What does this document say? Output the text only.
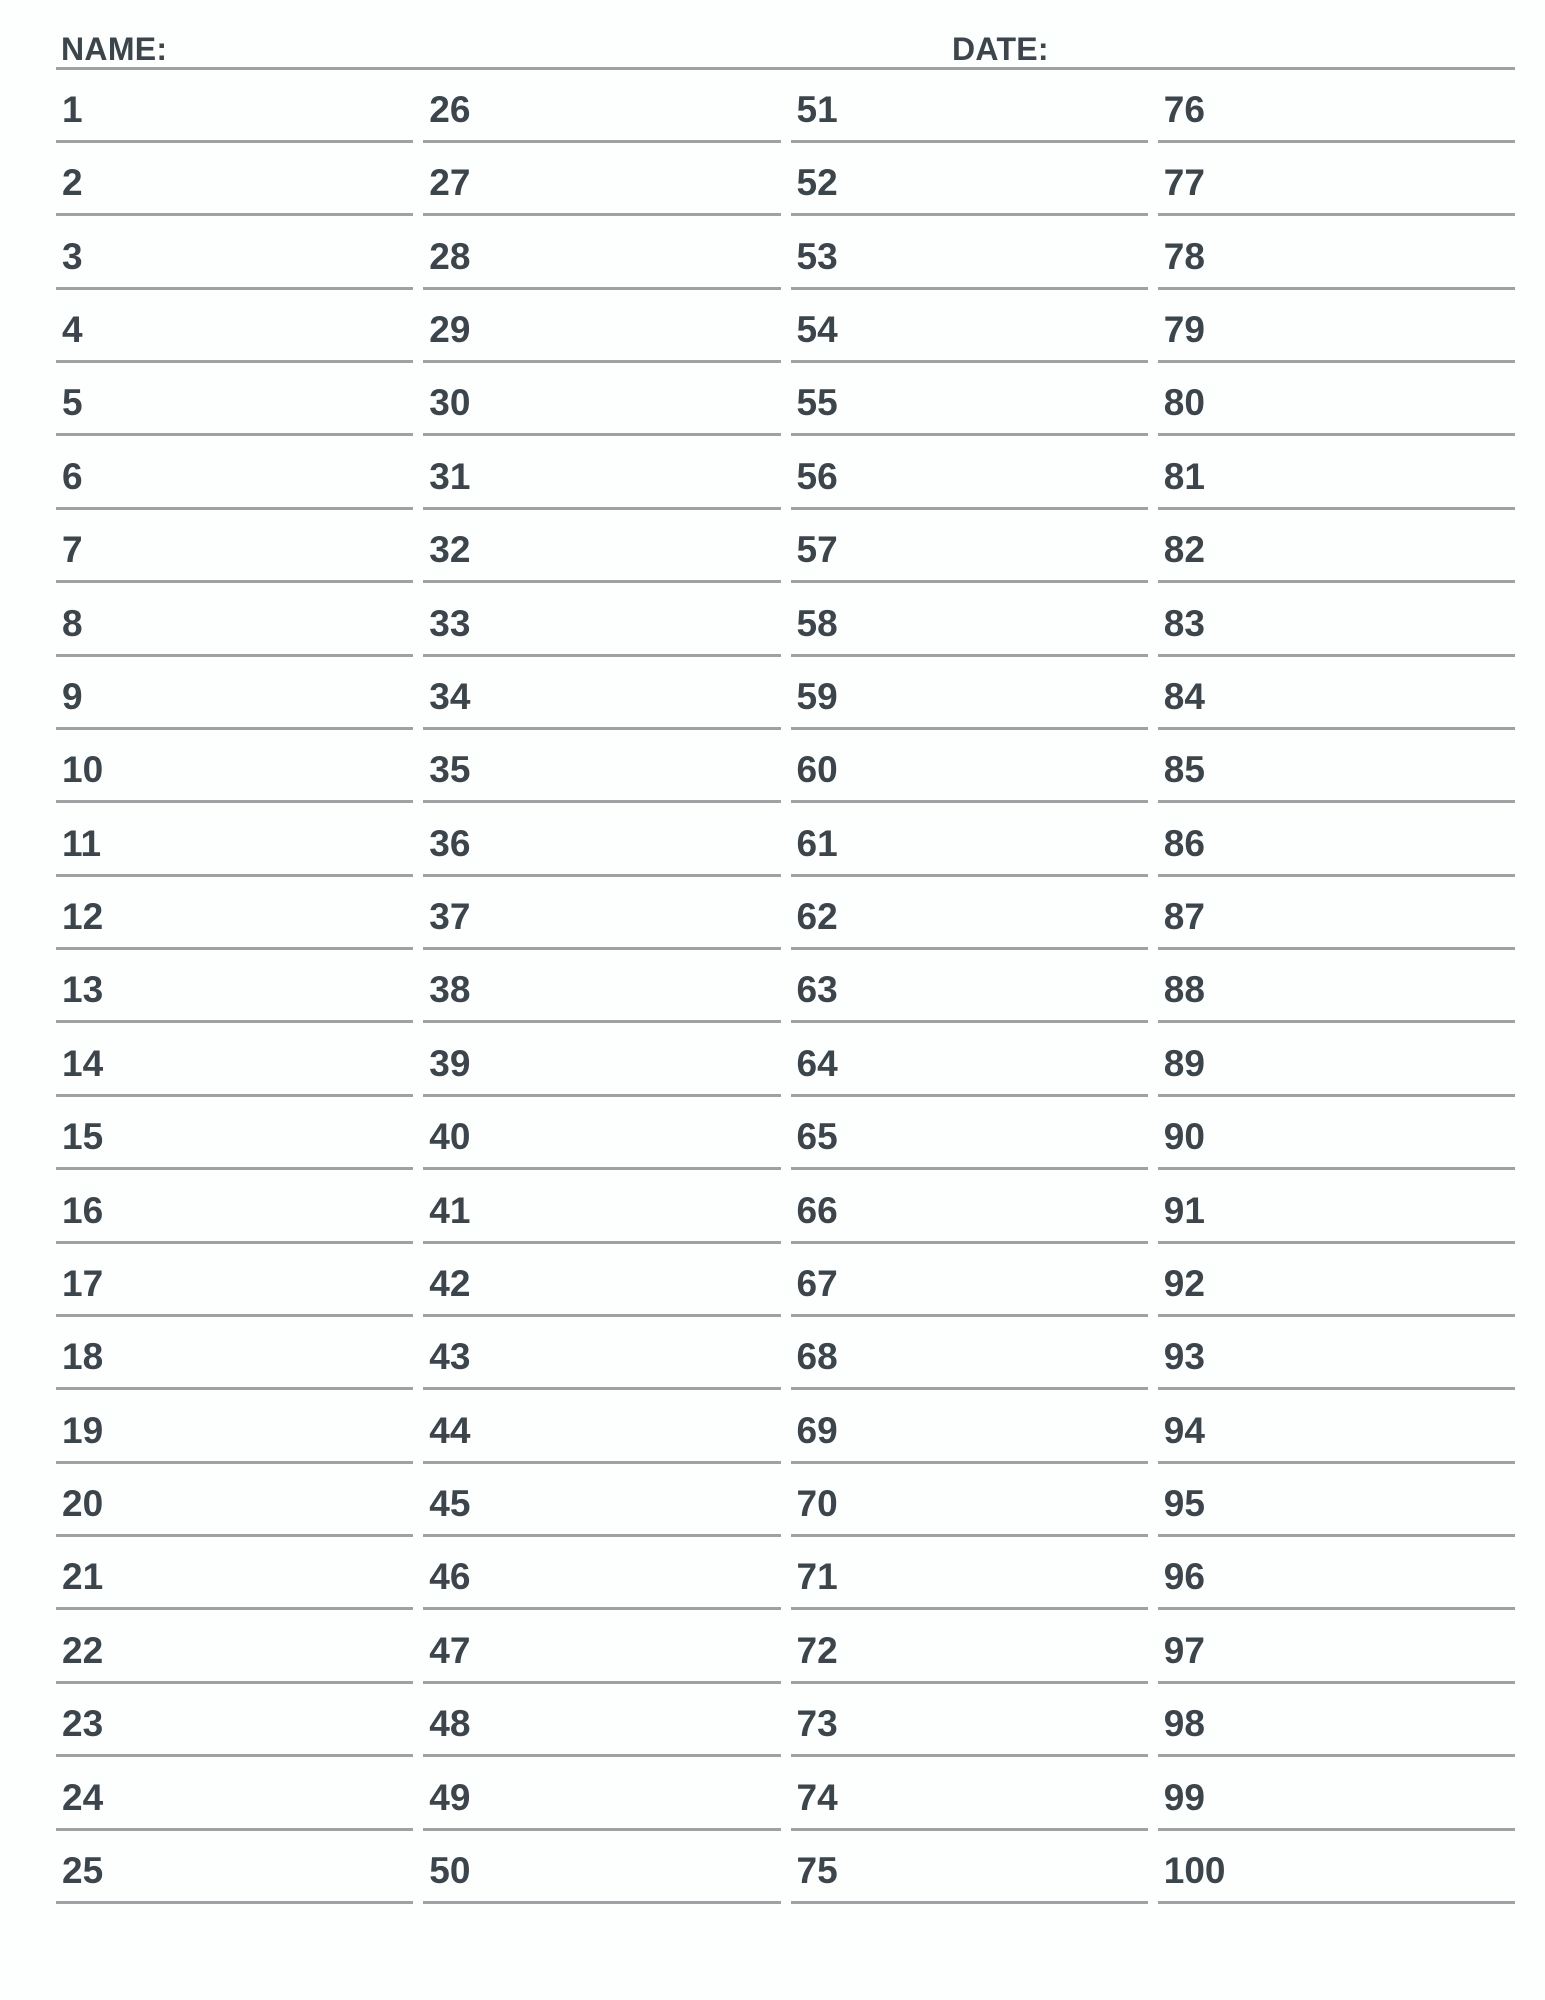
NAME:	DATE:
1
2
3
4
5
6
7
8
9
10
11
12
13
14
15
16
17
18
19
20
21
22
23
24
25
26
27
28
29
30
31
32
33
34
35
36
37
38
39
40
41
42
43
44
45
46
47
48
49
50
51
52
53
54
55
56
57
58
59
60
61
62
63
64
65
66
67
68
69
70
71
72
73
74
75
76
77
78
79
80
81
82
83
84
85
86
87
88
89
90
91
92
93
94
95
96
97
98
99
100
